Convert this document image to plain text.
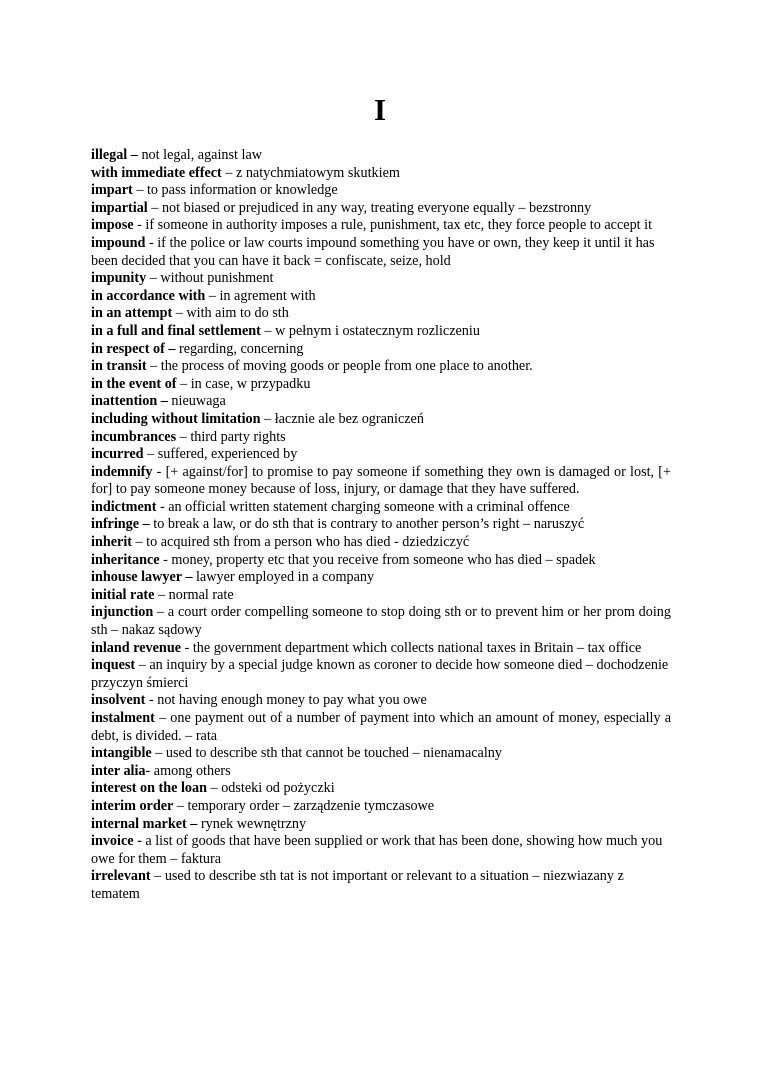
I
illegal – not legal, against law
with immediate effect – z natychmiatowym skutkiem
impart – to pass information or knowledge
impartial – not biased or prejudiced in any way, treating everyone equally – bezstronny
impose - if someone in authority imposes a rule, punishment, tax etc, they force people to accept it
impound - if the police or law courts impound something you have or own, they keep it until it has been decided that you can have it back = confiscate, seize, hold
impunity – without punishment
in accordance with – in agrement with
in an attempt – with aim to do sth
in a full and final settlement – w pełnym i ostatecznym rozliczeniu
in respect of – regarding, concerning
in transit – the process of moving goods or people from one place to another.
in the event of – in case, w przypadku
inattention – nieuwaga
including without limitation – łacznie ale bez ograniczeń
incumbrances – third party rights
incurred – suffered, experienced by
indemnify - [+ against/for] to promise to pay someone if something they own is damaged or lost, [+ for] to pay someone money because of loss, injury, or damage that they have suffered.
indictment - an official written statement charging someone with a criminal offence
infringe – to break a law, or do sth that is contrary to another person’s right – naruszyć
inherit – to acquired sth from a person who has died - dziedziczyć
inheritance - money, property etc that you receive from someone who has died – spadek
inhouse lawyer – lawyer employed in a company
initial rate – normal rate
injunction – a court order compelling someone to stop doing sth or to prevent him or her prom doing sth – nakaz sądowy
inland revenue - the government department which collects national taxes in Britain – tax office
inquest – an inquiry by a special judge known as coroner to decide how someone died – dochodzenie przyczyn śmierci
insolvent - not having enough money to pay what you owe
instalment – one payment out of a number of payment into which an amount of money, especially a debt, is divided. – rata
intangible – used to describe sth that cannot be touched – nienamacalny
inter alia- among others
interest on the loan – odsteki od pożyczki
interim order – temporary order – zarządzenie tymczasowe
internal market – rynek wewnętrzny
invoice - a list of goods that have been supplied or work that has been done, showing how much you owe for them – faktura
irrelevant – used to describe sth tat is not important or relevant to a situation – niezwiazany z tematem
